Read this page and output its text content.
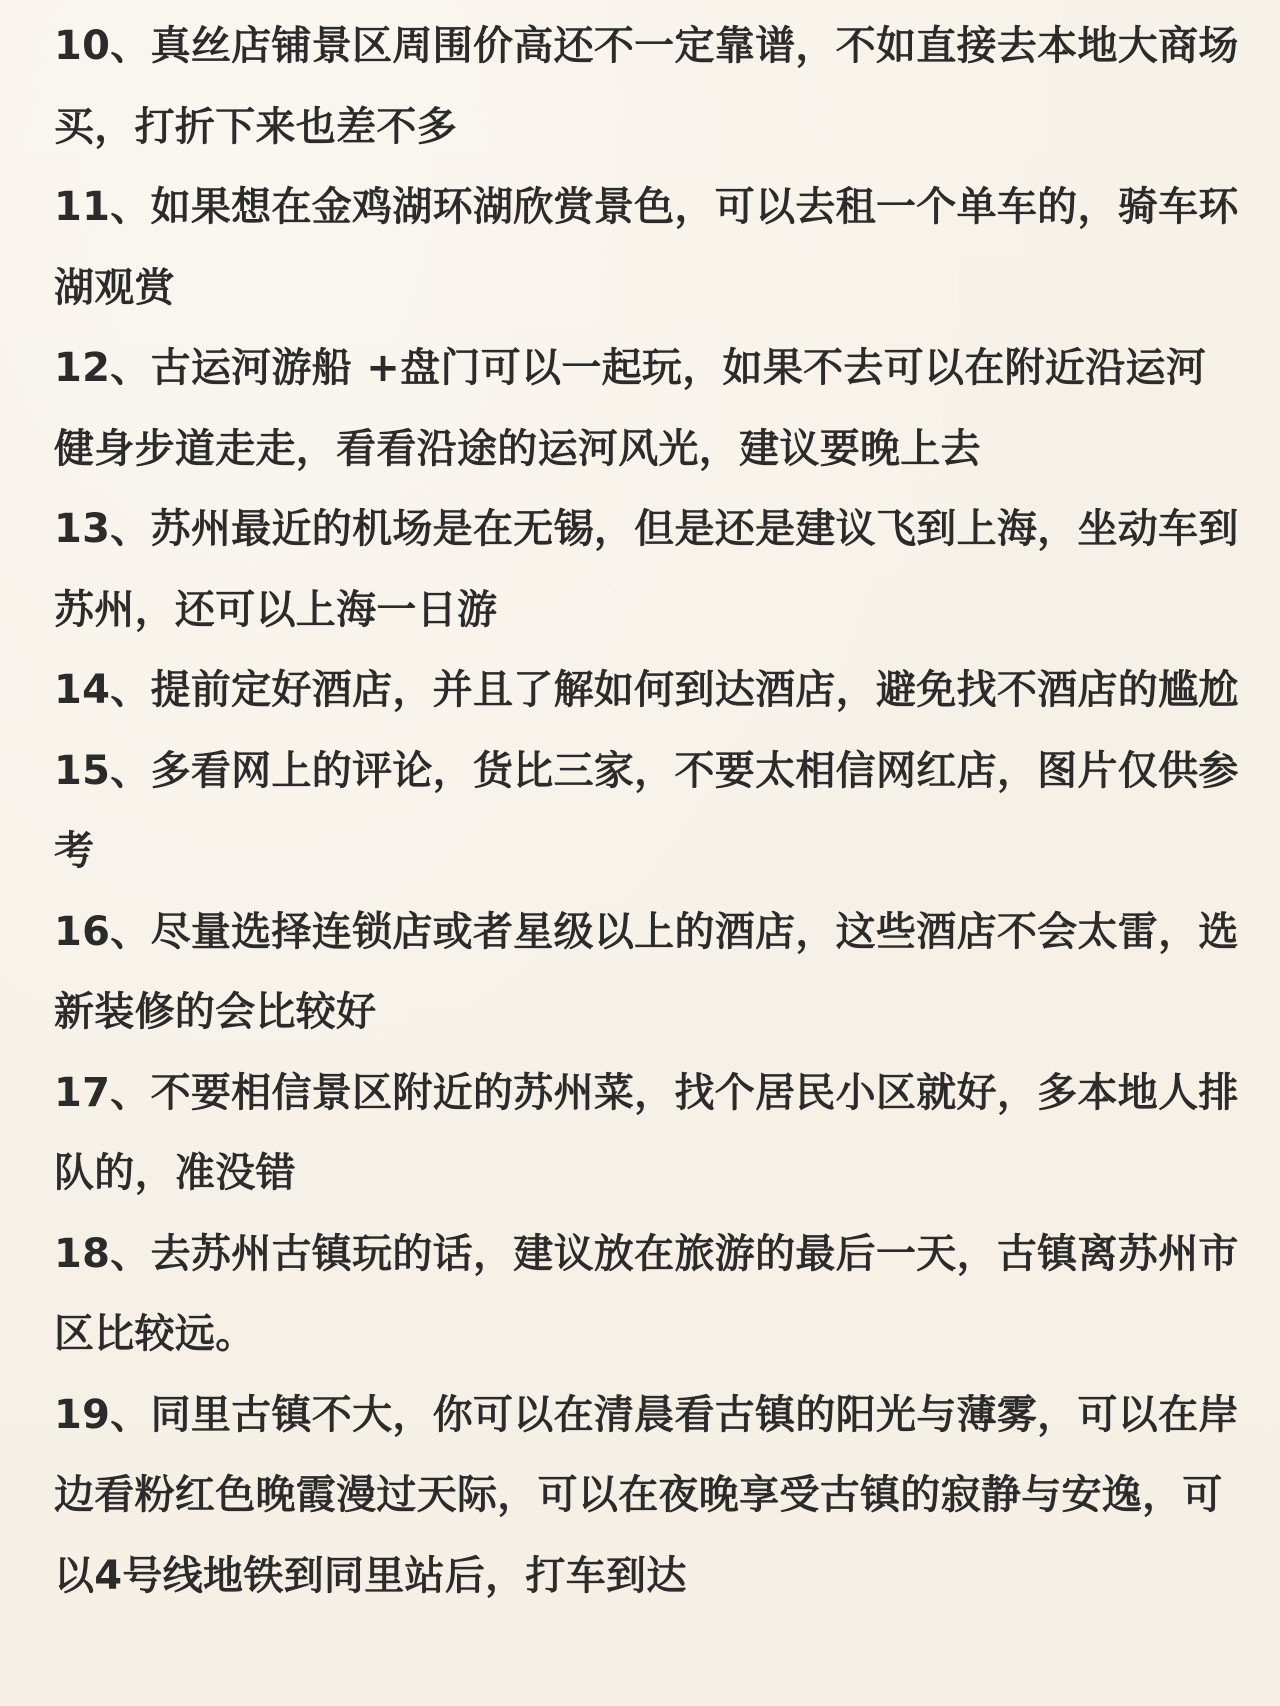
10、真丝店铺景区周围价高还不一定靠谱，不如直接去本地大商场买，打折下来也差不多
11、如果想在金鸡湖环湖欣赏景色，可以去租一个单车的，骑车环湖观赏
12、古运河游船 +盘门可以一起玩，如果不去可以在附近沿运河健身步道走走，看看沿途的运河风光，建议要晚上去
13、苏州最近的机场是在无锡，但是还是建议飞到上海，坐动车到苏州，还可以上海一日游
14、提前定好酒店，并且了解如何到达酒店，避免找不酒店的尴尬
15、多看网上的评论，货比三家，不要太相信网红店，图片仅供参考
16、尽量选择连锁店或者星级以上的酒店，这些酒店不会太雷，选新装修的会比较好
17、不要相信景区附近的苏州菜，找个居民小区就好，多本地人排队的，准没错
18、去苏州古镇玩的话，建议放在旅游的最后一天，古镇离苏州市区比较远。
19、同里古镇不大，你可以在清晨看古镇的阳光与薄雾，可以在岸边看粉红色晚霞漫过天际，可以在夜晚享受古镇的寂静与安逸，可以4号线地铁到同里站后，打车到达
